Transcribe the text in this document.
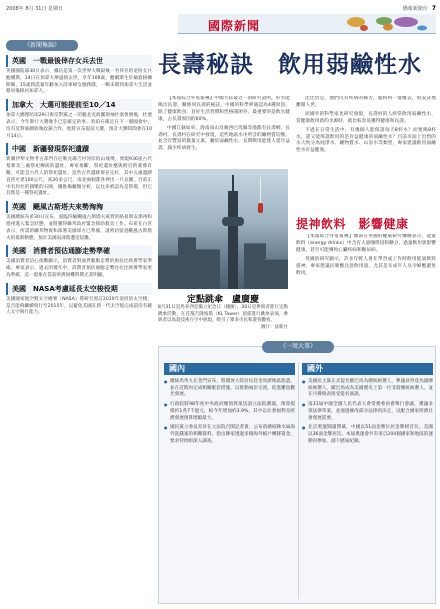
2008年 8月 31日 星期日	僑報新聞台 7
國際新聞
《新聞集錦》
英國　一戰最後倖存女兵去世

英國國防部30日表示，據信是第一次世界大戰最後一名倖存的退役女兵鮑爾斯，14日在加拿大華盛頓去世，享年109歲。鮑爾斯生於倫敦格蘭斯佩，15歲時謊報年齡加入陸軍婦女服務隊，一戰末期到加拿大生活並移居後移居加拿大。

加拿大　大選可能提前至10／14

加拿大總理哈珀29日與反對黨之一的魁北克政團領袖杜塞會晤後，杜塞表示，今年舉行大選幾乎已是確定的事。哈珀在確定在下一個國會中，沒有反對黨願與執政黨合作，他將宣布提前大選，預計大選時間會在10月14日。

中國　新疆發現祭祀遺蹟

新疆伊犁文物考古部門在尼勒克縣吉村河岸的山坡博，發現936座古代墓葬及三處祭祀傳統的遺址，專家推斷，祭祀遺址應與附近的墓葬有關，可能是古代人的祭祀遺址，這些古代遺跡保存完好，其中五處遺蹟直徑可達100公尺，高20多公尺，南北兩個都各伸出一只長牆，目前正中有封住的鎮壓的石陣，據推場廳類分析，以往多被認為是祭壇，但它其實是一種祭祀遺址。

英國　颶風古斯塔夫來勢洶洶

美國總統布希30日宣布，面臨四級颶風古斯塔夫威脅的路易斯安那州和德州進入緊急狀態，並將獲得聯邦政府緊急援助救災工作。布希在白宮表示，所需的聯邦物資和部署美國軍方已準備，請密切留意颶風古斯塔夫的最新動態，預計美國南部將遭受侵襲。

美國　消費者預估通膨走勢準確

美國消費者信心指數顯示，消費者對通貨膨脹走勢的預估比經濟學家準確。專家表示，過去的幾年中，消費者預估通膨走勢往往比經濟學家更為準確，這一現象在當前經濟困難時期尤其明顯。

美國　NASA考慮延長太空梭役期

美國國家航空暨太空總署（NASA）將研究原訂2010年退役的太空梭，是否能夠繼續飛行至2015年，以避免美國在新一代太空船完成前沒有載人太空飛行能力。

長壽秘訣　飲用弱鹼性水

【本報綜合外電報導】中國大陸最近一項研究證明，好水能喝出長壽，關係到長壽的秘訣。中國的科學界通認為4種原因，除了健康飲食、良好生活習慣和性格開朗外，最重要的是飲水健康，占長壽原因的60%。

中國江蘇如皋，海南南山及廣西巴馬縣等地都有長壽鄉，長壽村。長壽村在研究中發現，這些地區水中所含的礦物質均衡，並含有豐富的微量元素，屬於弱鹼性水，長期飲用能使人延年益壽，減少疾病發生。

比比皆是，他們沒有疾病的痛苦，臨終時一覺睡去，很安詳地離開人世。

而國外的科學家也研究發現，長壽村的人經常飲用弱鹼性水，當健康飲用新的水源時，就比較容易獲得健康和長壽。

不過在日常生活中，有幾個人能保證每天8杯水？而要喝8杯水，還又能保證飲用的是有益健康的弱鹼性水？目前市面上出售的水大致分為純淨水、礦物質水、山泉水等類型，專家建議飲用弱鹼性水有益健康。

定點跳傘　盧廣慶
8月31日是馬來西亞獨立紀念日（國慶），30日是參與者進行定點跳傘活動，在首都吉隆坡塔（KL Tower）頂部進行跳傘表演，參與者以高超技術在空中展現，吸引了眾多市民和遊客觀看。
圖片：法新社
提神飲料　影響健康

【本報綜合外電報導】總部在英國的權威研究機構表示，能量飲料（energy drinks）中含有大量咖啡因和糖分，過量飲用會影響健康，甚至可能導致心臟疾病和糖尿病。

英國的研究顯示，許多年輕人會在學習或工作時飲用能量飲料提神，專家建議民眾應注意飲用量，尤其是未成年人及孕婦應避免飲用。

《一周大事》
國內
● 總統馬英九在金門宣布，將開放大陸居民赴金馬澎地區旅遊，並在近期內完成相關配套措施，以推動兩岸交流，促進離島觀光發展。
● 行政院將98年度中央政府總預算案送請立法院審議，預算規模約1兆7千億元，較今年增加約3.9%，其中以社會福利及經濟發展預算增幅最大。
● 國民黨立委吳育昇在立法院召開記者會，公布前總統陳水扁海外洗錢案的相關資料，指出陳家透過多個海外帳戶轉移資金，要求特偵組深入調查。
國外
● 美國民主黨正式提名歐巴馬為總統候選人，參議員拜登為副總統候選人，歐巴馬成為美國歷史上第一位非裔總統候選人，並在丹佛發表接受提名演說。
● 第31屆中國全國人民代表大會常務委員會舉行會議，審議多項法律草案，並通過修改部分法律的決定，以配合國家經濟社會發展需要。
● 北京奧運圓滿閉幕，中國以51面金牌位居金牌榜首位，美國以36面金牌居次，本屆奧運會共有來自204個國家和地區的運動員參加，創下歷屆紀錄。
